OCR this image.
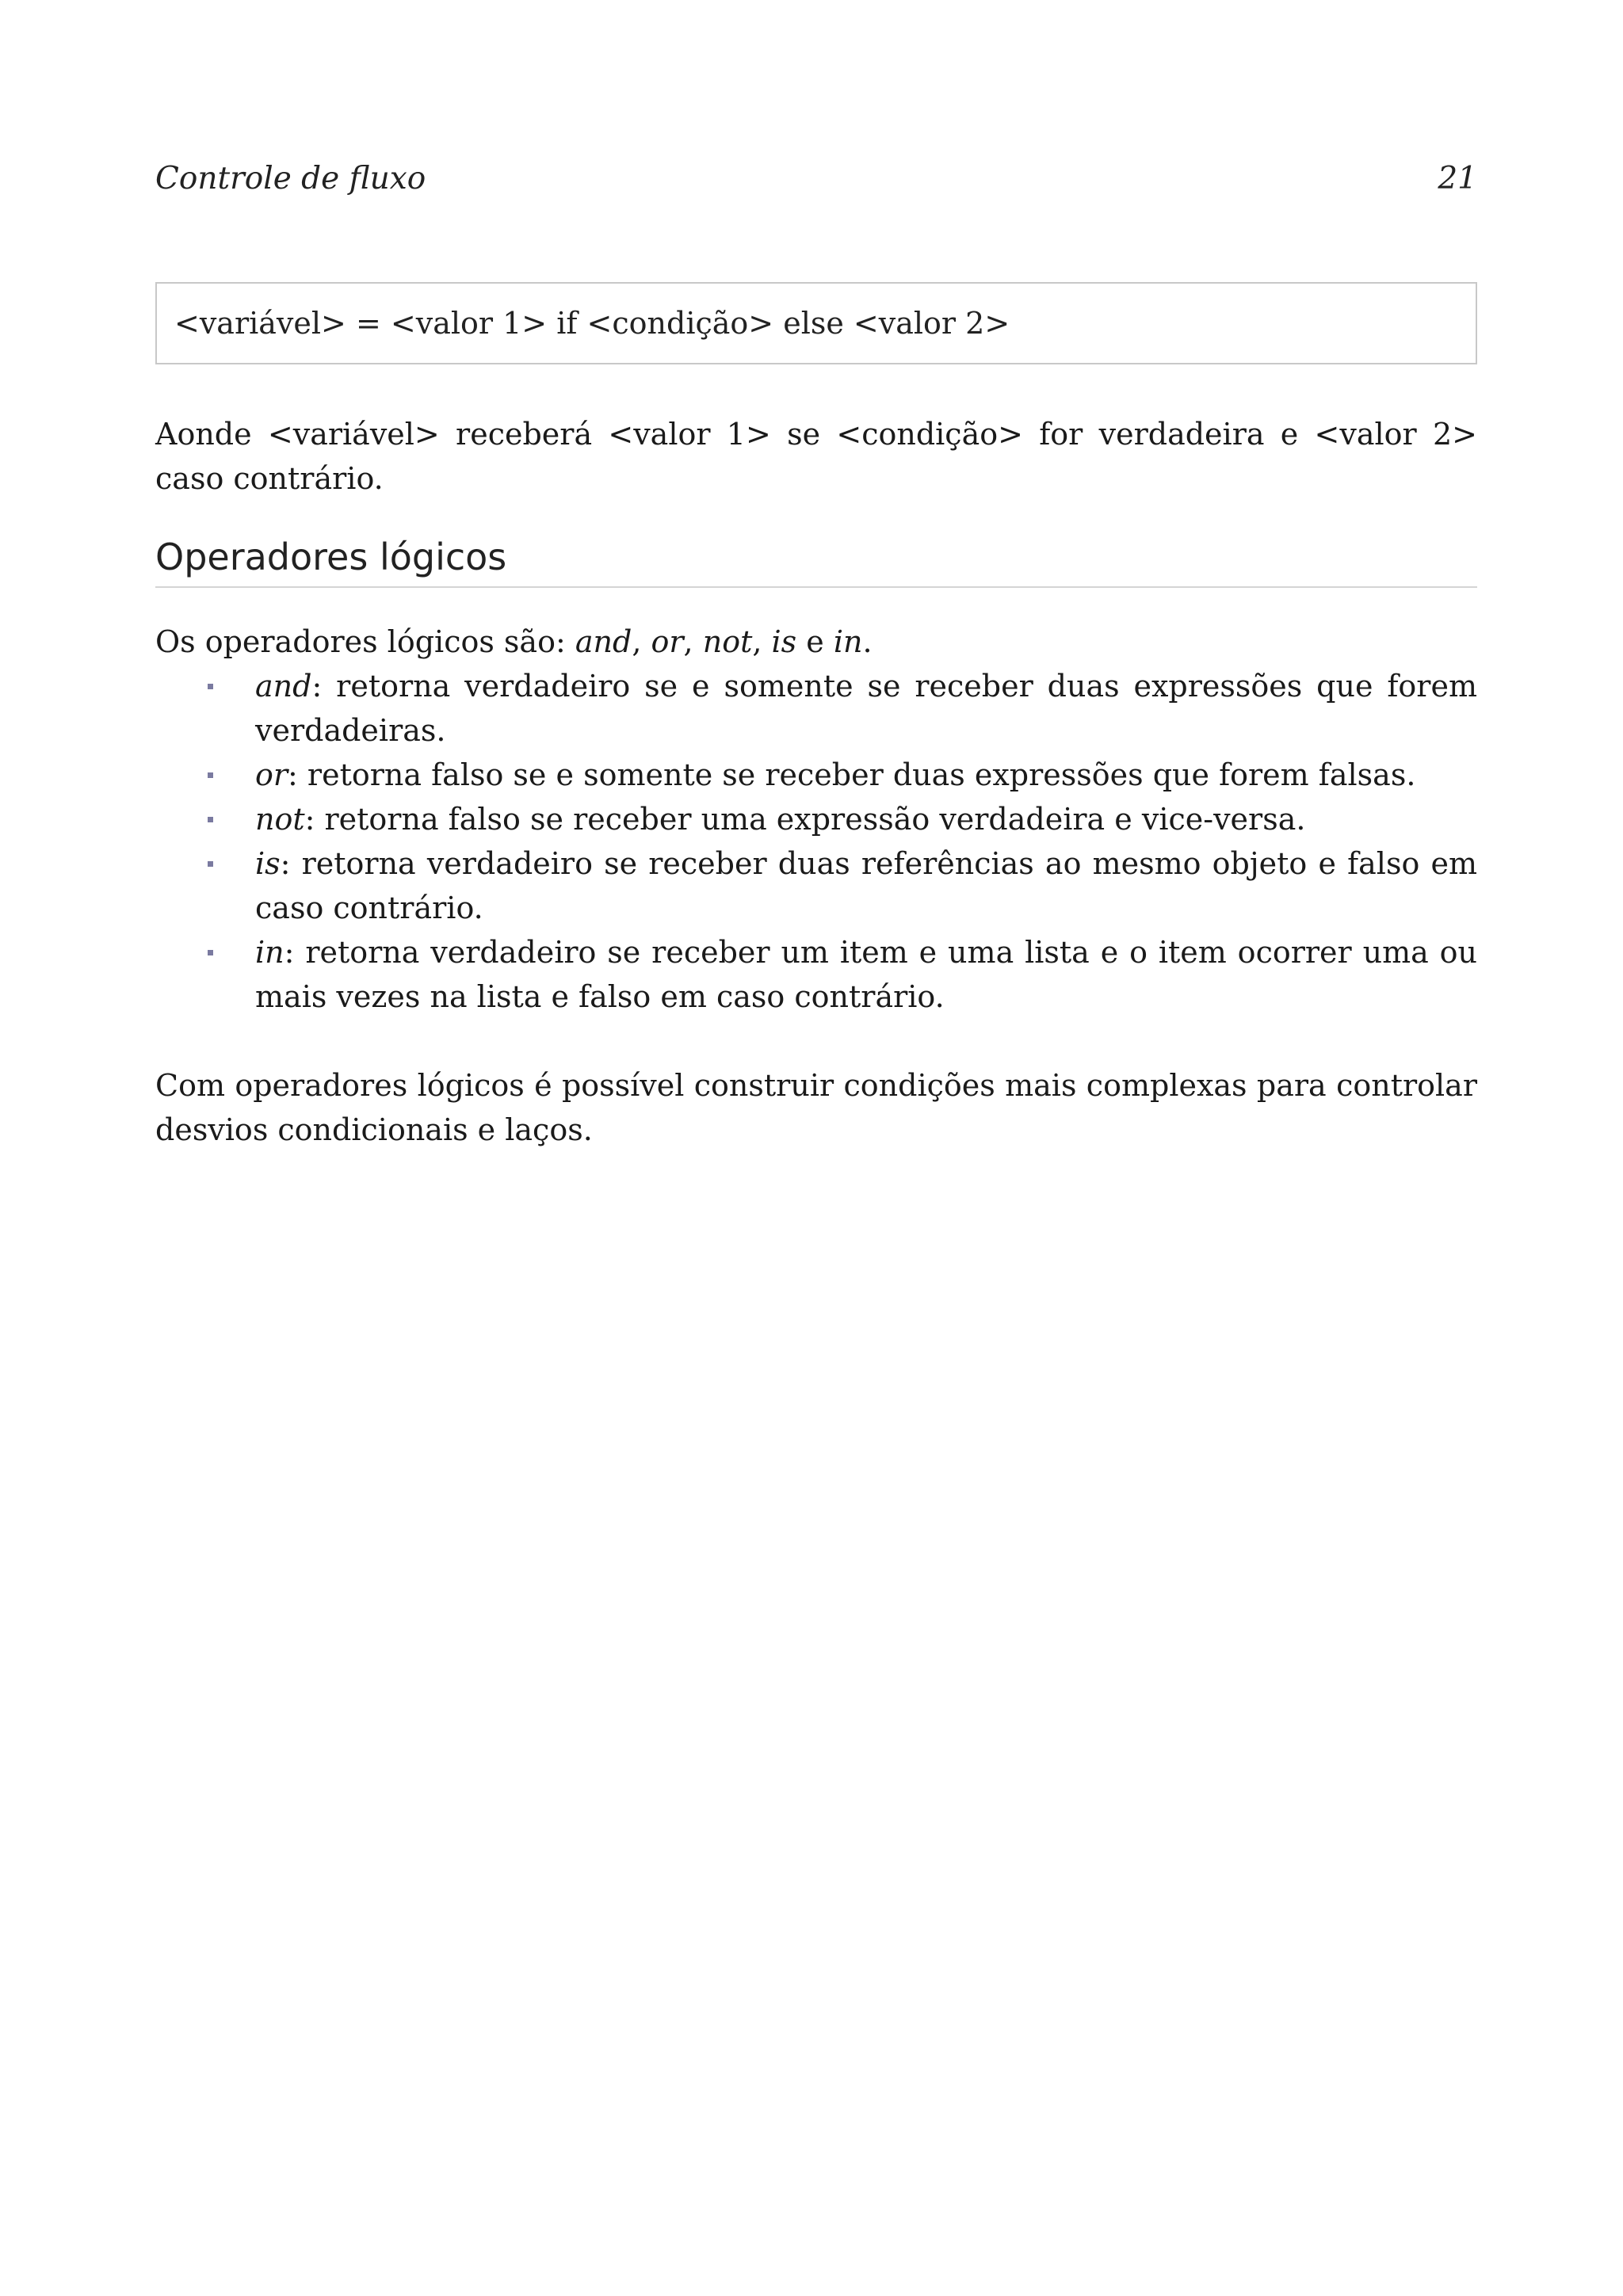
Controle de fluxo	21
<variável> = <valor 1> if <condição> else <valor 2>

Aonde <variável> receberá <valor 1> se <condição> for verdadeira e <valor 2> caso contrário.

Operadores lógicos

Os operadores lógicos são: and, or, not, is e in.

and: retorna verdadeiro se e somente se receber duas expressões que forem verdadeiras.
or: retorna falso se e somente se receber duas expressões que forem falsas.
not: retorna falso se receber uma expressão verdadeira e vice-versa.
is: retorna verdadeiro se receber duas referências ao mesmo objeto e falso em caso contrário.
in: retorna verdadeiro se receber um item e uma lista e o item ocorrer uma ou mais vezes na lista e falso em caso contrário.

Com operadores lógicos é possível construir condições mais complexas para controlar desvios condicionais e laços.
